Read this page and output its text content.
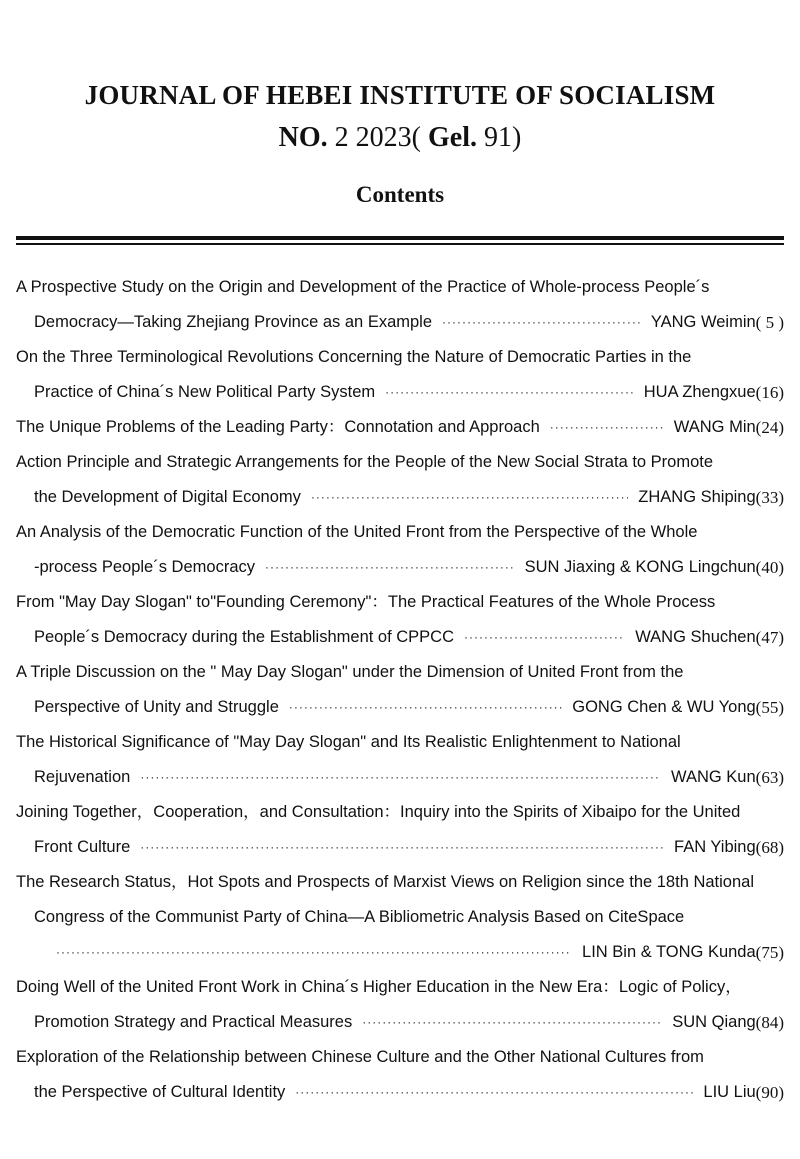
JOURNAL OF HEBEI INSTITUTE OF SOCIALISM
NO. 2 2023( Gel. 91)
Contents
A Prospective Study on the Origin and Development of the Practice of Whole-process People´s
Democracy—Taking Zhejiang Province as an Example ·····	YANG Weimin ( 5 )
On the Three Terminological Revolutions Concerning the Nature of Democratic Parties in the
Practice of China´s New Political Party System ·····	HUA Zhengxue (16)
The Unique Problems of the Leading Party：Connotation and Approach ·····	WANG Min (24)
Action Principle and Strategic Arrangements for the People of the New Social Strata to Promote
the Development of Digital Economy ·····	ZHANG Shiping (33)
An Analysis of the Democratic Function of the United Front from the Perspective of the Whole
-process People´s Democracy ·····	SUN Jiaxing & KONG Lingchun (40)
From "May Day Slogan" to"Founding Ceremony"：The Practical Features of the Whole Process
People´s Democracy during the Establishment of CPPCC ·····	WANG Shuchen (47)
A Triple Discussion on the " May Day Slogan" under the Dimension of United Front from the
Perspective of Unity and Struggle ·····	GONG Chen & WU Yong (55)
The Historical Significance of "May Day Slogan" and Its Realistic Enlightenment to National
Rejuvenation ·····	WANG Kun (63)
Joining Together，Cooperation，and Consultation：Inquiry into the Spirits of Xibaipo for the United
Front Culture ·····	FAN Yibing (68)
The Research Status，Hot Spots and Prospects of Marxist Views on Religion since the 18th National
Congress of the Communist Party of China—A Bibliometric Analysis Based on CiteSpace
·····
LIN Bin & TONG Kunda (75)
Doing Well of the United Front Work in China´s Higher Education in the New Era：Logic of Policy，
Promotion Strategy and Practical Measures ·····	SUN Qiang (84)
Exploration of the Relationship between Chinese Culture and the Other National Cultures from
the Perspective of Cultural Identity ·····	LIU Liu (90)
